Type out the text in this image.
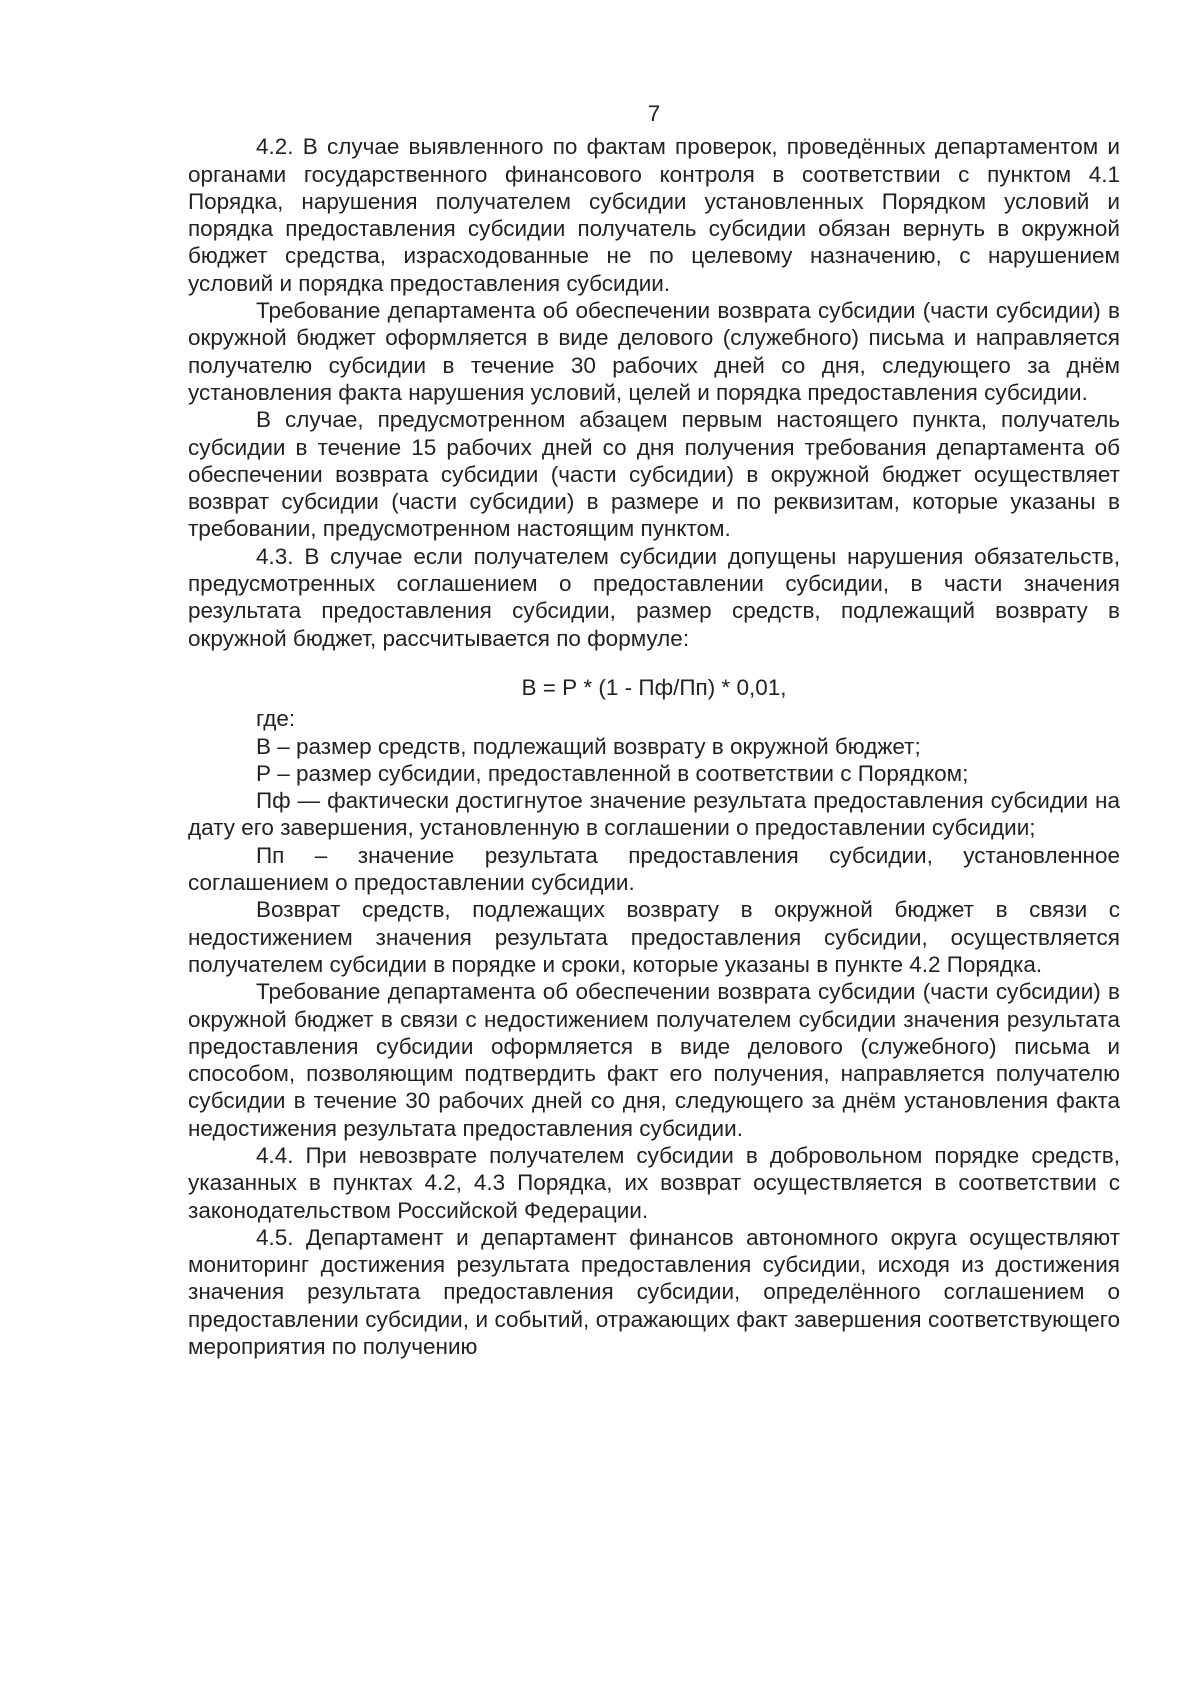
7

4.2. В случае выявленного по фактам проверок, проведённых департаментом и органами государственного финансового контроля в соответствии с пунктом 4.1 Порядка, нарушения получателем субсидии установленных Порядком условий и порядка предоставления субсидии получатель субсидии обязан вернуть в окружной бюджет средства, израсходованные не по целевому назначению, с нарушением условий и порядка предоставления субсидии.

Требование департамента об обеспечении возврата субсидии (части субсидии) в окружной бюджет оформляется в виде делового (служебного) письма и направляется получателю субсидии в течение 30 рабочих дней со дня, следующего за днём установления факта нарушения условий, целей и порядка предоставления субсидии.

В случае, предусмотренном абзацем первым настоящего пункта, получатель субсидии в течение 15 рабочих дней со дня получения требования департамента об обеспечении возврата субсидии (части субсидии) в окружной бюджет осуществляет возврат субсидии (части субсидии) в размере и по реквизитам, которые указаны в требовании, предусмотренном настоящим пунктом.

4.3. В случае если получателем субсидии допущены нарушения обязательств, предусмотренных соглашением о предоставлении субсидии, в части значения результата предоставления субсидии, размер средств, подлежащий возврату в окружной бюджет, рассчитывается по формуле:

В = Р * (1 - Пф/Пп) * 0,01,

где:

В – размер средств, подлежащий возврату в окружной бюджет;

Р – размер субсидии, предоставленной в соответствии с Порядком;

Пф — фактически достигнутое значение результата предоставления субсидии на дату его завершения, установленную в соглашении о предоставлении субсидии;

Пп – значение результата предоставления субсидии, установленное соглашением о предоставлении субсидии.

Возврат средств, подлежащих возврату в окружной бюджет в связи с недостижением значения результата предоставления субсидии, осуществляется получателем субсидии в порядке и сроки, которые указаны в пункте 4.2 Порядка.

Требование департамента об обеспечении возврата субсидии (части субсидии) в окружной бюджет в связи с недостижением получателем субсидии значения результата предоставления субсидии оформляется в виде делового (служебного) письма и способом, позволяющим подтвердить факт его получения, направляется получателю субсидии в течение 30 рабочих дней со дня, следующего за днём установления факта недостижения результата предоставления субсидии.

4.4. При невозврате получателем субсидии в добровольном порядке средств, указанных в пунктах 4.2, 4.3 Порядка, их возврат осуществляется в соответствии с законодательством Российской Федерации.

4.5. Департамент и департамент финансов автономного округа осуществляют мониторинг достижения результата предоставления субсидии, исходя из достижения значения результата предоставления субсидии, определённого соглашением о предоставлении субсидии, и событий, отражающих факт завершения соответствующего мероприятия по получению
